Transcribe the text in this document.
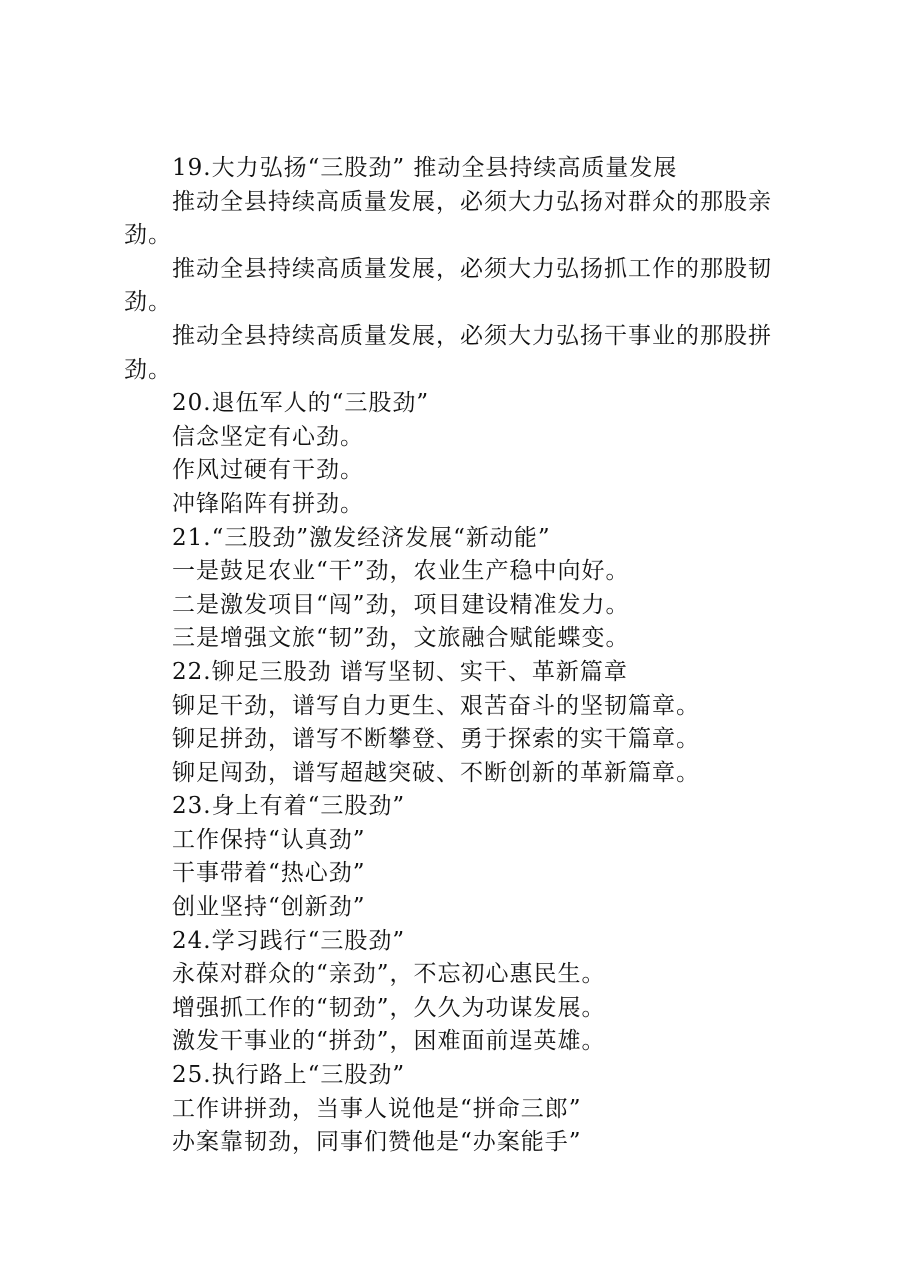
19.大力弘扬“三股劲” 推动全县持续高质量发展
推动全县持续高质量发展，必须大力弘扬对群众的那股亲
劲。
推动全县持续高质量发展，必须大力弘扬抓工作的那股韧
劲。
推动全县持续高质量发展，必须大力弘扬干事业的那股拼
劲。
20.退伍军人的“三股劲”
信念坚定有心劲。
作风过硬有干劲。
冲锋陷阵有拼劲。
21.“三股劲”激发经济发展“新动能”
一是鼓足农业“干”劲，农业生产稳中向好。
二是激发项目“闯”劲，项目建设精准发力。
三是增强文旅“韧”劲，文旅融合赋能蝶变。
22.铆足三股劲 谱写坚韧、实干、革新篇章
铆足干劲，谱写自力更生、艰苦奋斗的坚韧篇章。
铆足拼劲，谱写不断攀登、勇于探索的实干篇章。
铆足闯劲，谱写超越突破、不断创新的革新篇章。
23.身上有着“三股劲”
工作保持“认真劲”
干事带着“热心劲”
创业坚持“创新劲”
24.学习践行“三股劲”
永葆对群众的“亲劲”，不忘初心惠民生。
增强抓工作的“韧劲”，久久为功谋发展。
激发干事业的“拼劲”，困难面前逞英雄。
25.执行路上“三股劲”
工作讲拼劲，当事人说他是“拼命三郎”
办案靠韧劲，同事们赞他是“办案能手”
